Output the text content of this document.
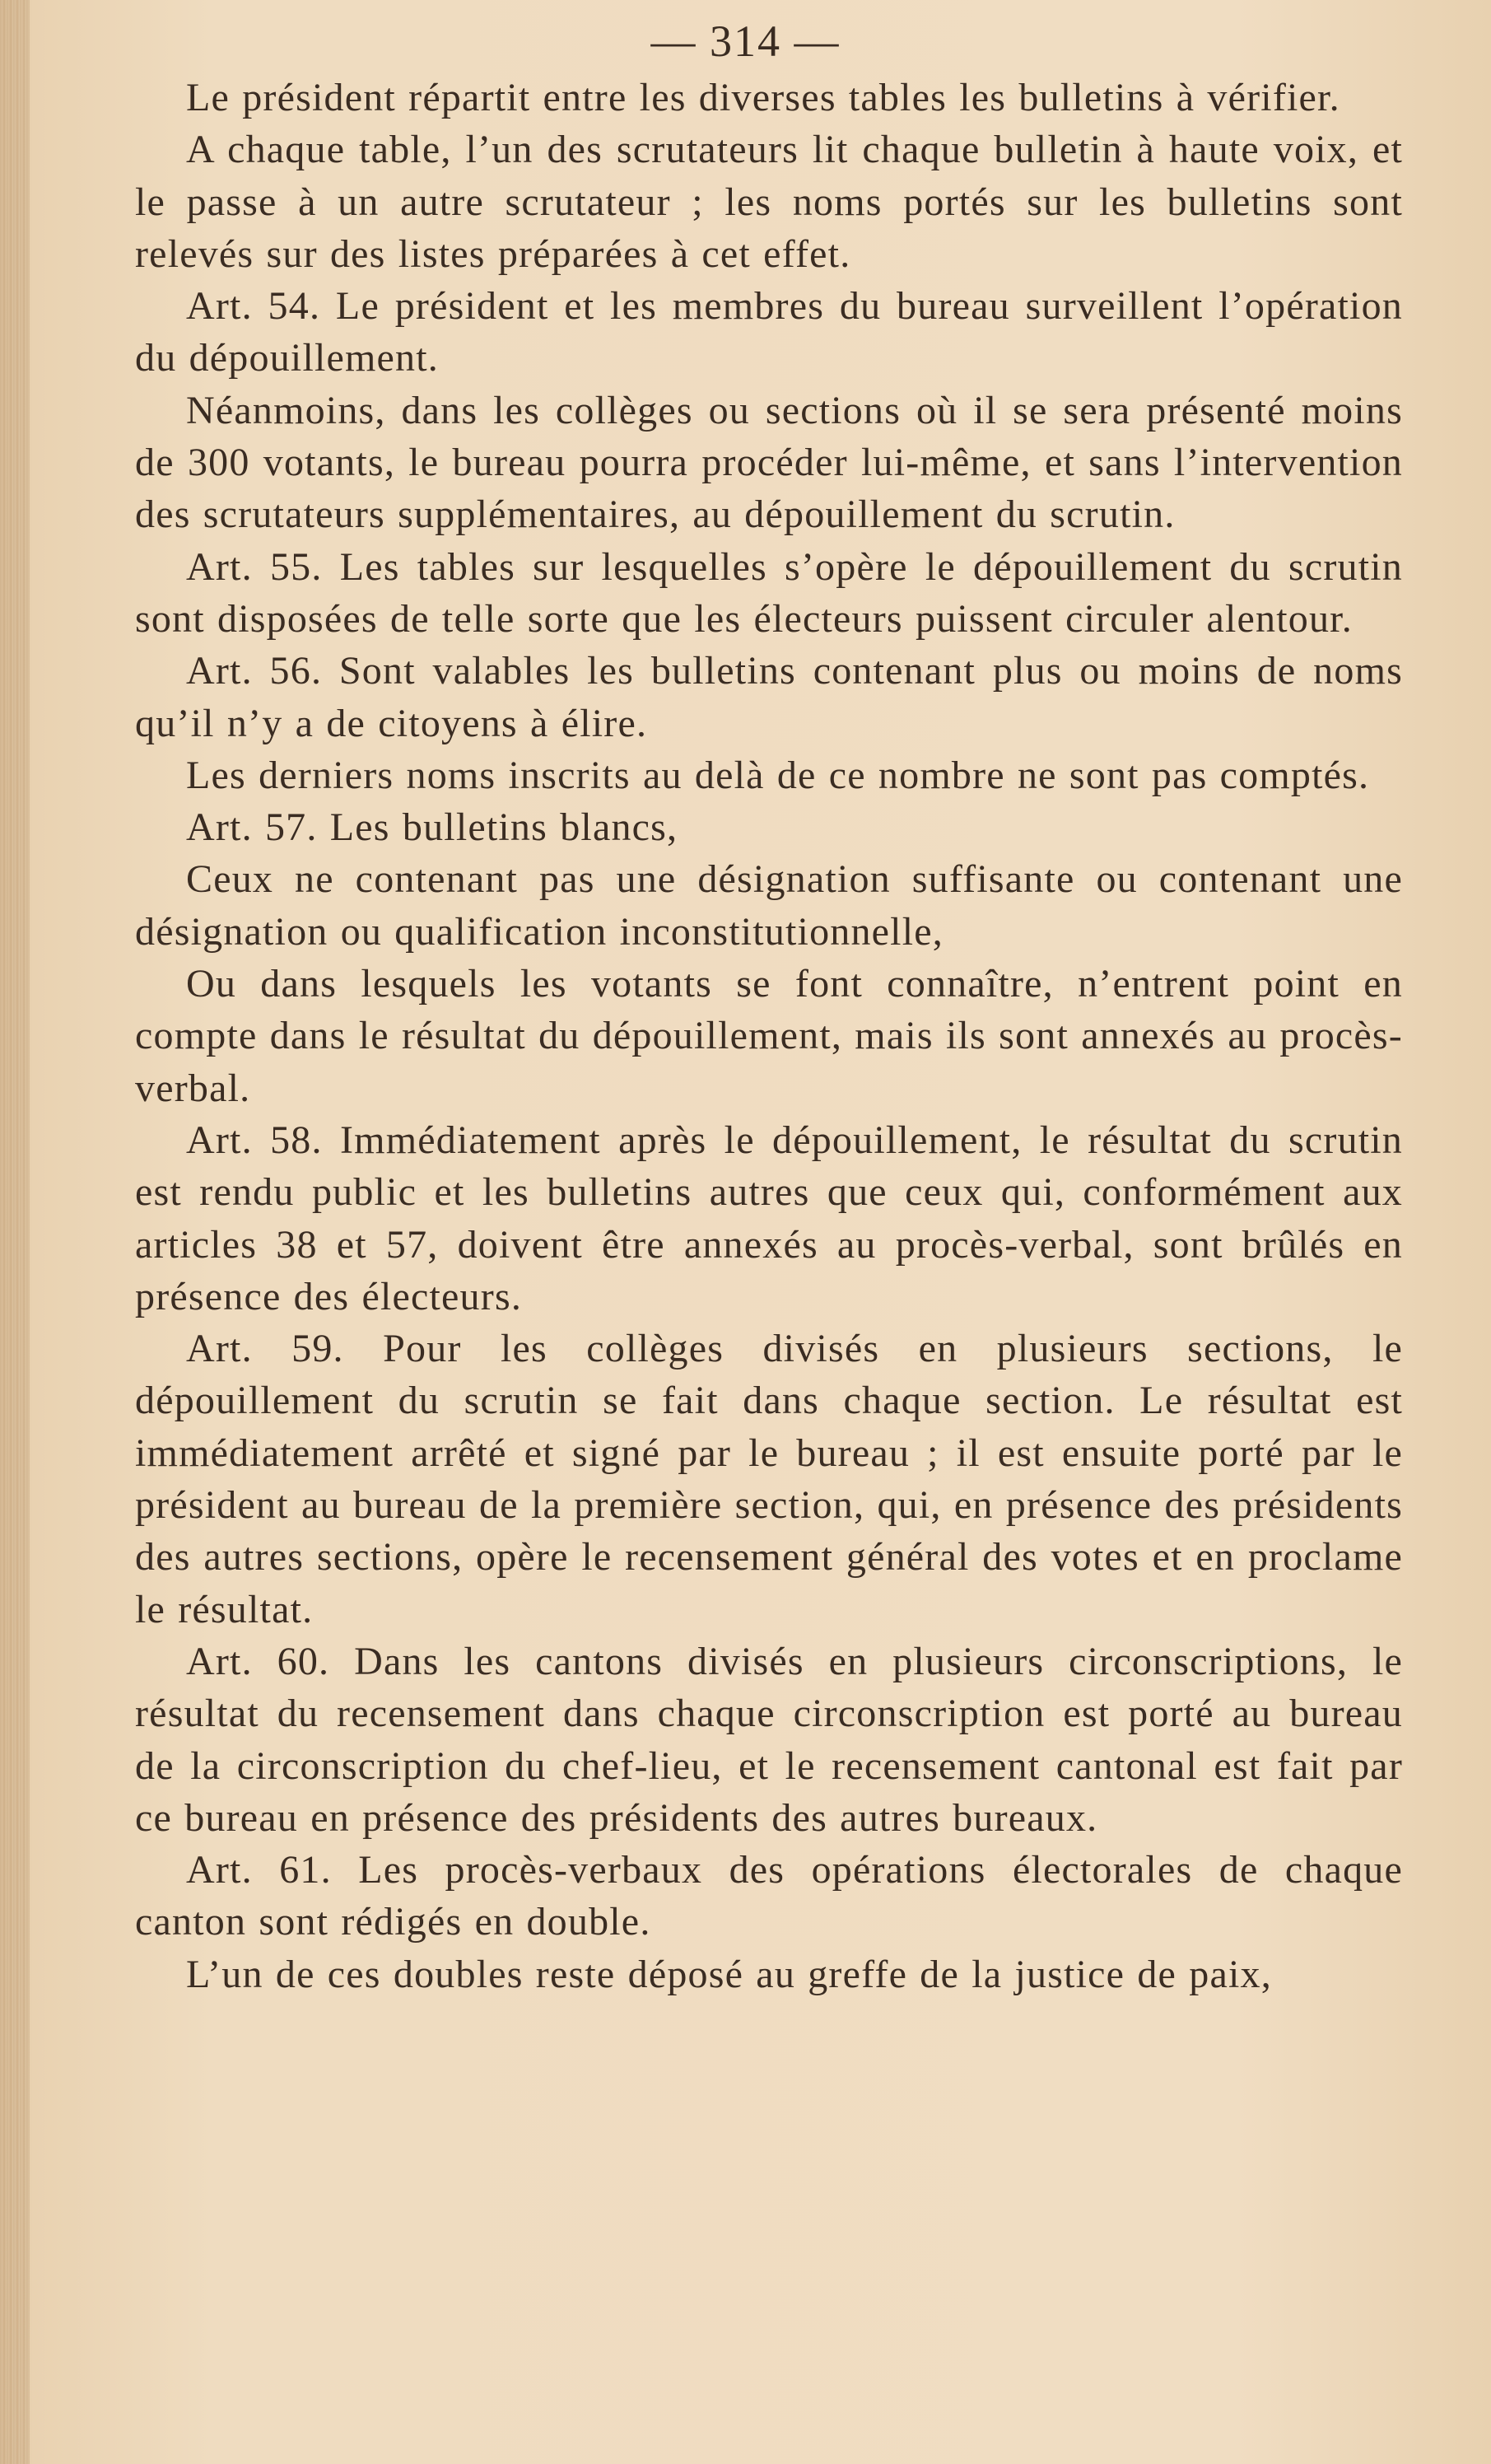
— 314 —

Le président répartit entre les diverses tables les bulletins à vérifier.

A chaque table, l’un des scrutateurs lit chaque bulletin à haute voix, et le passe à un autre scrutateur ; les noms portés sur les bulletins sont relevés sur des listes préparées à cet effet.

Art. 54. Le président et les membres du bureau surveillent l’opération du dépouillement.

Néanmoins, dans les collèges ou sections où il se sera présenté moins de 300 votants, le bureau pourra procéder lui-même, et sans l’intervention des scrutateurs supplémentaires, au dépouillement du scrutin.

Art. 55. Les tables sur lesquelles s’opère le dépouillement du scrutin sont disposées de telle sorte que les électeurs puissent circuler alentour.

Art. 56. Sont valables les bulletins contenant plus ou moins de noms qu’il n’y a de citoyens à élire.

Les derniers noms inscrits au delà de ce nombre ne sont pas comptés.

Art. 57. Les bulletins blancs,

Ceux ne contenant pas une désignation suffisante ou contenant une désignation ou qualification inconstitutionnelle,

Ou dans lesquels les votants se font connaître, n’entrent point en compte dans le résultat du dépouillement, mais ils sont annexés au procès-verbal.

Art. 58. Immédiatement après le dépouillement, le résultat du scrutin est rendu public et les bulletins autres que ceux qui, conformément aux articles 38 et 57, doivent être annexés au procès-verbal, sont brûlés en présence des électeurs.

Art. 59. Pour les collèges divisés en plusieurs sections, le dépouillement du scrutin se fait dans chaque section. Le résultat est immédiatement arrêté et signé par le bureau ; il est ensuite porté par le président au bureau de la première section, qui, en présence des présidents des autres sections, opère le recensement général des votes et en proclame le résultat.

Art. 60. Dans les cantons divisés en plusieurs circonscriptions, le résultat du recensement dans chaque circonscription est porté au bureau de la circonscription du chef-lieu, et le recensement cantonal est fait par ce bureau en présence des présidents des autres bureaux.

Art. 61. Les procès-verbaux des opérations électorales de chaque canton sont rédigés en double.

L’un de ces doubles reste déposé au greffe de la justice de paix,
